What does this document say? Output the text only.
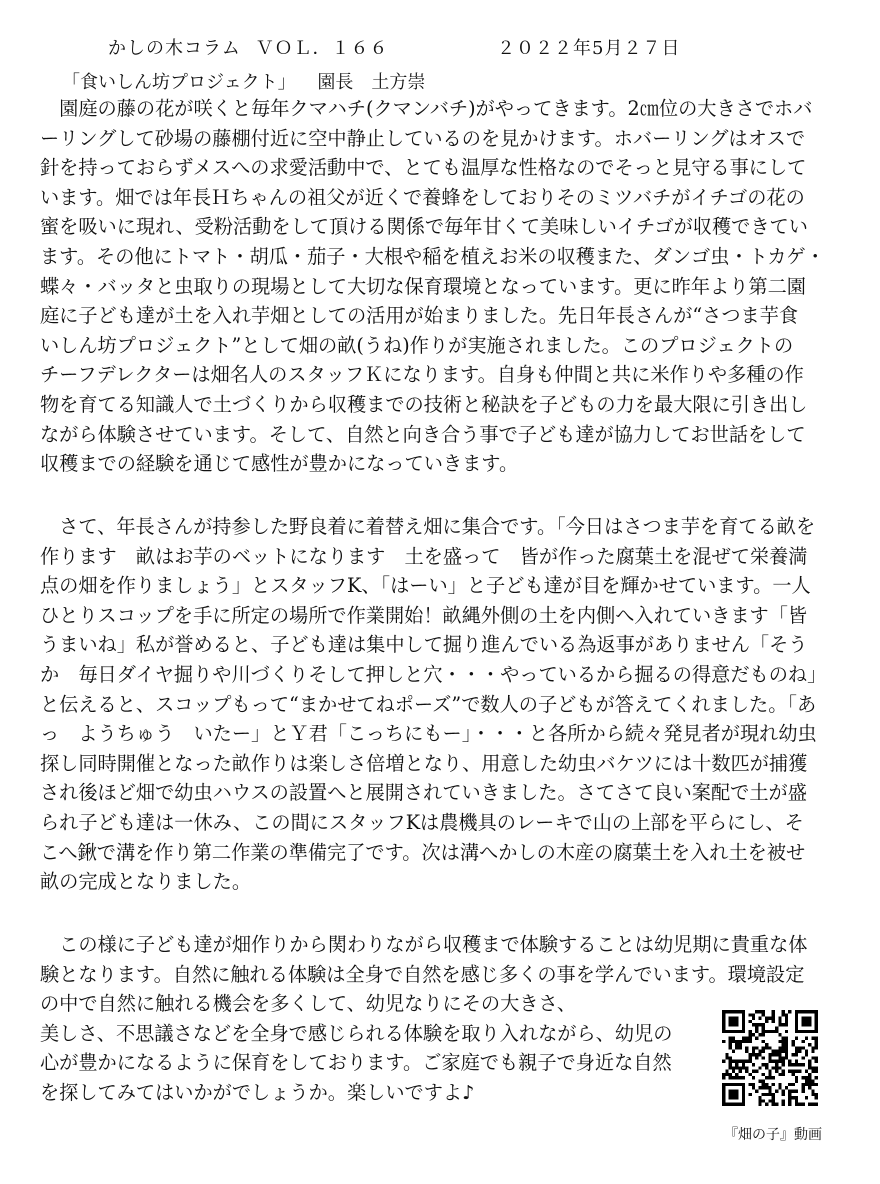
かしの木コラム ＶＯＬ．１６６	２０２２年5月２７日
「食いしん坊プロジェクト」 園長　土方崇
　園庭の藤の花が咲くと毎年クマハチ(クマンバチ)がやってきます。2㎝位の大きさでホバ
ーリングして砂場の藤棚付近に空中静止しているのを見かけます。ホバーリングはオスで
針を持っておらずメスへの求愛活動中で、とても温厚な性格なのでそっと見守る事にして
います。畑では年長Ｈちゃんの祖父が近くで養蜂をしておりそのミツバチがイチゴの花の
蜜を吸いに現れ、受粉活動をして頂ける関係で毎年甘くて美味しいイチゴが収穫できてい
ます。その他にトマト・胡瓜・茄子・大根や稲を植えお米の収穫また、ダンゴ虫・トカゲ・
蝶々・バッタと虫取りの現場として大切な保育環境となっています。更に昨年より第二園
庭に子ども達が土を入れ芋畑としての活用が始まりました。先日年長さんが“さつま芋食
いしん坊プロジェクト”として畑の畝(うね)作りが実施されました。このプロジェクトの
チーフデレクターは畑名人のスタッフＫになります。自身も仲間と共に米作りや多種の作
物を育てる知識人で土づくりから収穫までの技術と秘訣を子どもの力を最大限に引き出し
ながら体験させています。そして、自然と向き合う事で子ども達が協力してお世話をして
収穫までの経験を通じて感性が豊かになっていきます。
　さて、年長さんが持参した野良着に着替え畑に集合です。「今日はさつま芋を育てる畝を
作ります　畝はお芋のベットになります　土を盛って　皆が作った腐葉土を混ぜて栄養満
点の畑を作りましょう」とスタッフK、「はーい」と子ども達が目を輝かせています。一人
ひとりスコップを手に所定の場所で作業開始！畝縄外側の土を内側へ入れていきます「皆
うまいね」私が誉めると、子ども達は集中して掘り進んでいる為返事がありません「そう
か　毎日ダイヤ掘りや川づくりそして押しと穴・・・やっているから掘るの得意だものね」
と伝えると、スコップもって“まかせてねポーズ”で数人の子どもが答えてくれました。「あ
っ　ようちゅう　いたー」とＹ君「こっちにもー」・・・と各所から続々発見者が現れ幼虫
探し同時開催となった畝作りは楽しさ倍増となり、用意した幼虫バケツには十数匹が捕獲
され後ほど畑で幼虫ハウスの設置へと展開されていきました。さてさて良い案配で土が盛
られ子ども達は一休み、この間にスタッフKは農機具のレーキで山の上部を平らにし、そ
こへ鍬で溝を作り第二作業の準備完了です。次は溝へかしの木産の腐葉土を入れ土を被せ
畝の完成となりました。
　この様に子ども達が畑作りから関わりながら収穫まで体験することは幼児期に貴重な体
験となります。自然に触れる体験は全身で自然を感じ多くの事を学んでいます。環境設定
の中で自然に触れる機会を多くして、幼児なりにその大きさ、
美しさ、不思議さなどを全身で感じられる体験を取り入れながら、幼児の
心が豊かになるように保育をしております。ご家庭でも親子で身近な自然
を探してみてはいかがでしょうか。楽しいですよ♪
『畑の子』動画
